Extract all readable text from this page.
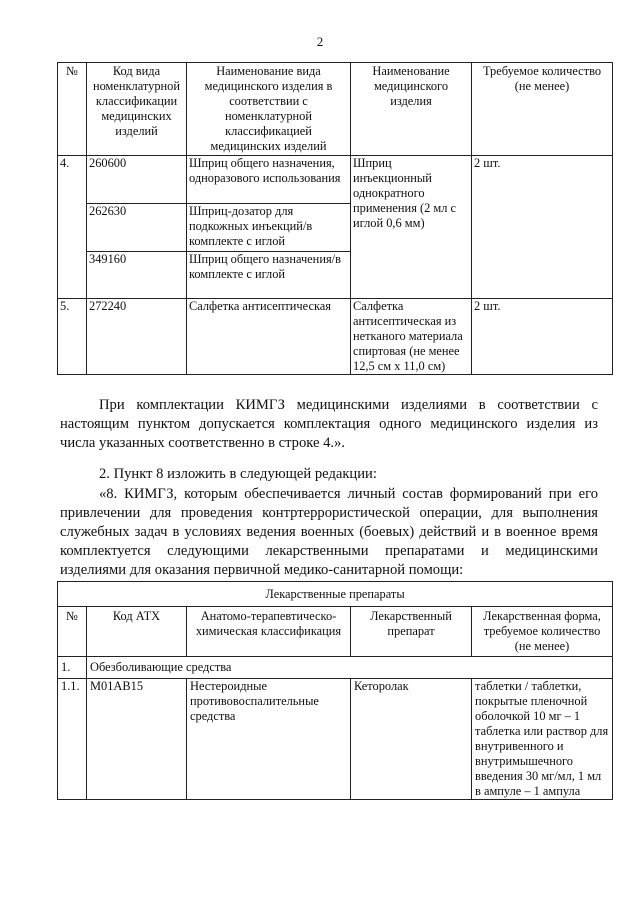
2
№	Код вида номенклатурной классификации медицинских изделий	Наименование вида медицинского изделия в соответствии с номенклатурной классификацией медицинских изделий	Наименование медицинского изделия	Требуемое количество (не менее)
4.	260600	Шприц общего назначения, одноразового использования	Шприц инъекционный однократного применения (2 мл с иглой 0,6 мм)	2 шт.
	262630	Шприц-дозатор для подкожных инъекций/в комплекте с иглой		
	349160	Шприц общего назначения/в комплекте с иглой		
5.	272240	Салфетка антисептическая	Салфетка антисептическая из нетканого материала спиртовая (не менее 12,5 см х 11,0 см)	2 шт.

При комплектации КИМГЗ медицинскими изделиями в соответствии с настоящим пунктом допускается комплектация одного медицинского изделия из числа указанных соответственно в строке 4.».

2. Пункт 8 изложить в следующей редакции:

«8. КИМГЗ, которым обеспечивается личный состав формирований при его привлечении для проведения контртеррористической операции, для выполнения служебных задач в условиях ведения военных (боевых) действий и в военное время комплектуется следующими лекарственными препаратами и медицинскими изделиями для оказания первичной медико-санитарной помощи:

Лекарственные препараты				
№	Код АТХ	Анатомо-терапевтическо-химическая классификация	Лекарственный препарат	Лекарственная форма, требуемое количество (не менее)
1.	Обезболивающие средства			
1.1.	M01AB15	Нестероидные противовоспалительные средства	Кеторолак	таблетки / таблетки, покрытые пленочной оболочкой 10 мг – 1 таблетка или раствор для внутривенного и внутримышечного введения 30 мг/мл, 1 мл в ампуле – 1 ампула
